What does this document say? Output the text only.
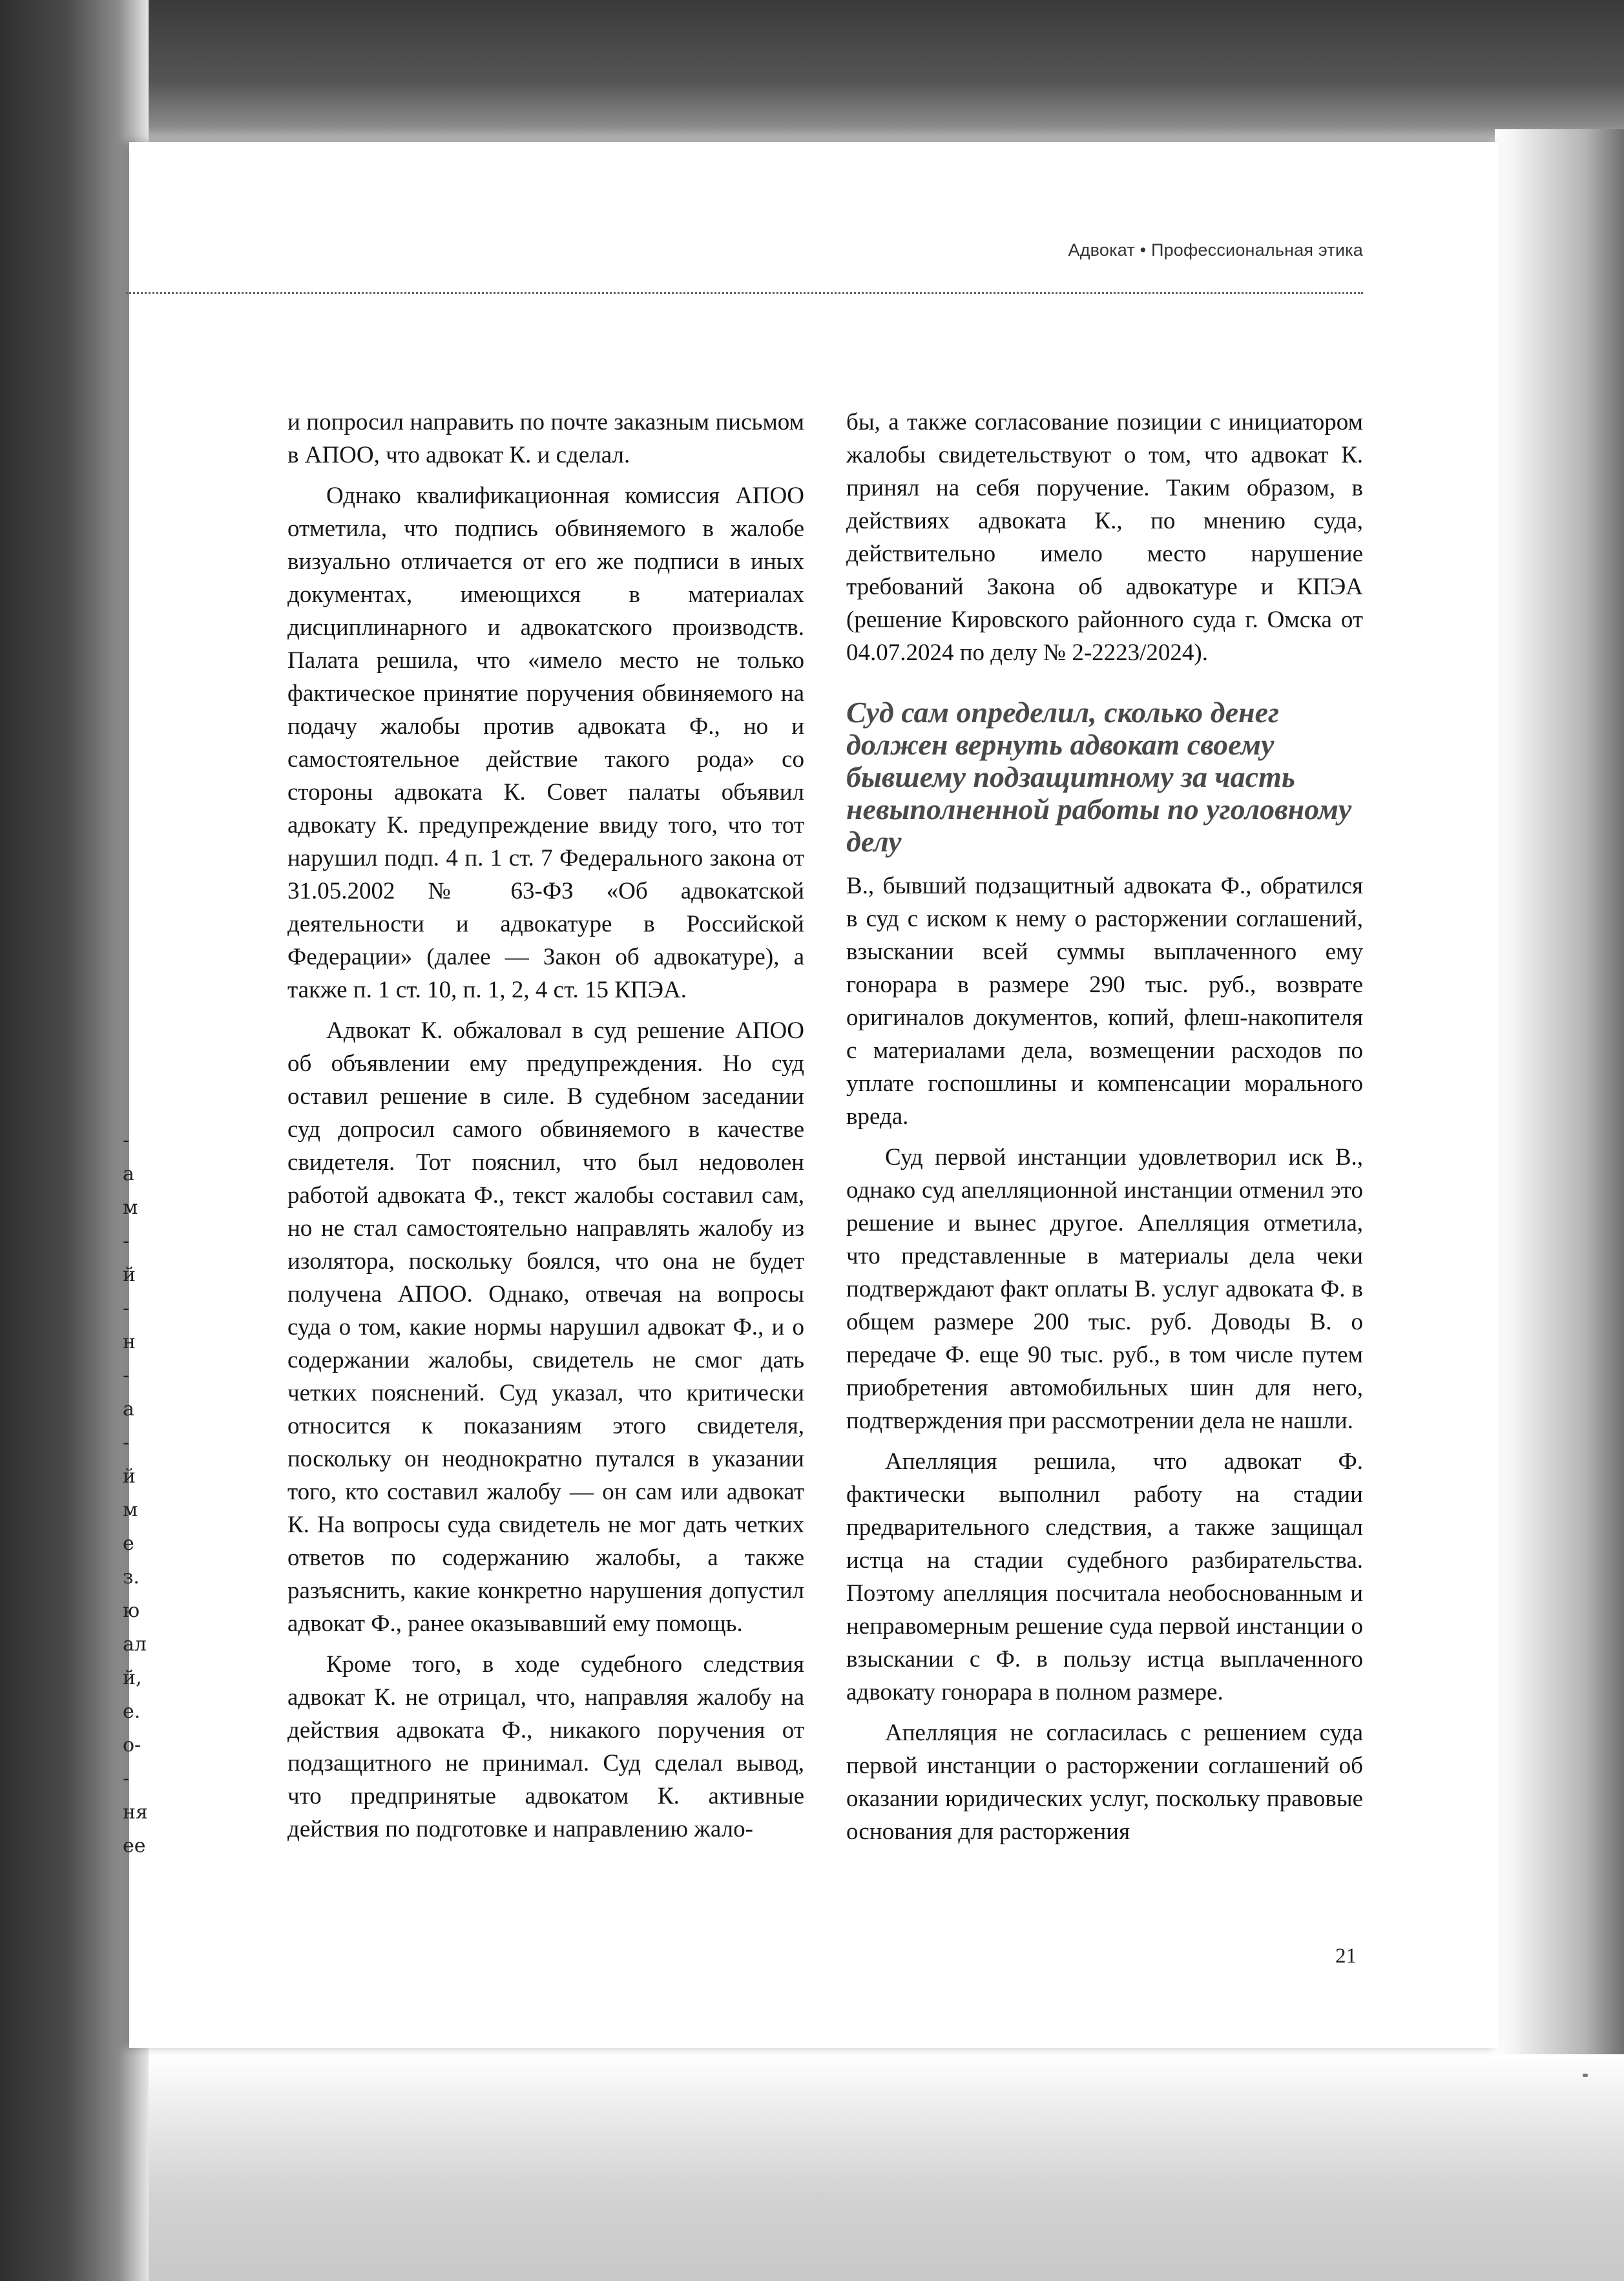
-
а
м
-
й
-
н
-
а
-
й
м
е
з.
ю
ал
й,
е.
о-
-
ня
ее
Адвокат • Профессиональная этика

и попросил направить по почте заказным письмом в АПОО, что адвокат К. и сделал.

Однако квалификационная комиссия АПОО отметила, что подпись обвиняемого в жалобе визуально отличается от его же подписи в иных документах, имеющихся в материалах дисциплинарного и адвокатского производств. Палата решила, что «имело место не только фактическое принятие поручения обвиняемого на подачу жалобы против адвоката Ф., но и самостоятельное действие такого рода» со стороны адвоката К. Совет палаты объявил адвокату К. предупреждение ввиду того, что тот нарушил подп. 4 п. 1 ст. 7 Федерального закона от 31.05.2002 № 63-ФЗ «Об адвокатской деятельности и адвокатуре в Российской Федерации» (далее — Закон об адвокатуре), а также п. 1 ст. 10, п. 1, 2, 4 ст. 15 КПЭА.

Адвокат К. обжаловал в суд решение АПОО об объявлении ему предупреждения. Но суд оставил решение в силе. В судебном заседании суд допросил самого обвиняемого в качестве свидетеля. Тот пояснил, что был недоволен работой адвоката Ф., текст жалобы составил сам, но не стал самостоятельно направлять жалобу из изолятора, поскольку боялся, что она не будет получена АПОО. Однако, отвечая на вопросы суда о том, какие нормы нарушил адвокат Ф., и о содержании жалобы, свидетель не смог дать четких пояснений. Суд указал, что критически относится к показаниям этого свидетеля, поскольку он неоднократно путался в указании того, кто составил жалобу — он сам или адвокат К. На вопросы суда свидетель не мог дать четких ответов по содержанию жалобы, а также разъяснить, какие конкретно нарушения допустил адвокат Ф., ранее оказывавший ему помощь.

Кроме того, в ходе судебного следствия адвокат К. не отрицал, что, направляя жалобу на действия адвоката Ф., никакого поручения от подзащитного не принимал. Суд сделал вывод, что предпринятые адвокатом К. активные действия по подготовке и направлению жало-

бы, а также согласование позиции с инициатором жалобы свидетельствуют о том, что адвокат К. принял на себя поручение. Таким образом, в действиях адвоката К., по мнению суда, действительно имело место нарушение требований Закона об адвокатуре и КПЭА (решение Кировского районного суда г. Омска от 04.07.2024 по делу № 2-2223/2024).

Суд сам определил, сколько денег должен вернуть адвокат своему бывшему подзащитному за часть невыполненной работы по уголовному делу

В., бывший подзащитный адвоката Ф., обратился в суд с иском к нему о расторжении соглашений, взыскании всей суммы выплаченного ему гонорара в размере 290 тыс. руб., возврате оригиналов документов, копий, флеш-накопителя с материалами дела, возмещении расходов по уплате госпошлины и компенсации морального вреда.

Суд первой инстанции удовлетворил иск В., однако суд апелляционной инстанции отменил это решение и вынес другое. Апелляция отметила, что представленные в материалы дела чеки подтверждают факт оплаты В. услуг адвоката Ф. в общем размере 200 тыс. руб. Доводы В. о передаче Ф. еще 90 тыс. руб., в том числе путем приобретения автомобильных шин для него, подтверждения при рассмотрении дела не нашли.

Апелляция решила, что адвокат Ф. фактически выполнил работу на стадии предварительного следствия, а также защищал истца на стадии судебного разбирательства. Поэтому апелляция посчитала необоснованным и неправомерным решение суда первой инстанции о взыскании с Ф. в пользу истца выплаченного адвокату гонорара в полном размере.

Апелляция не согласилась с решением суда первой инстанции о расторжении соглашений об оказании юридических услуг, поскольку правовые основания для расторжения

21
